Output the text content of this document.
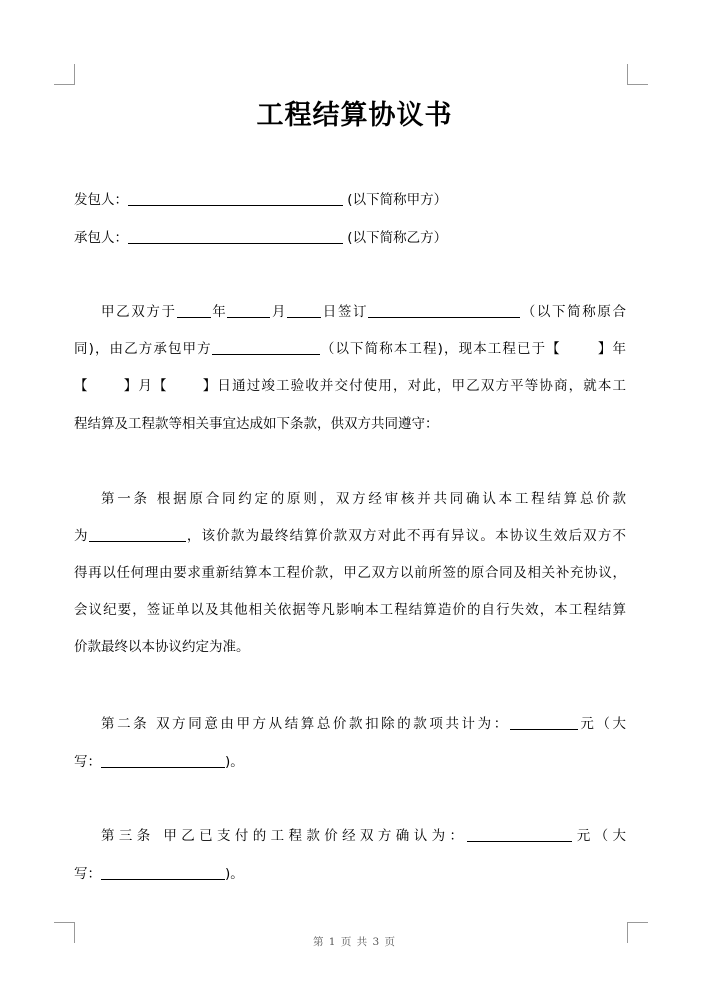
工程结算协议书
发包人：	(以下简称甲方）
承包人：	(以下简称乙方）
甲乙双方于	年	月	日签订	（以下简称原合
同)，由乙方承包甲方	（以下简称本工程)，现本工程已于【	】年
【	】月【	】日通过竣工验收并交付使用，对此，甲乙双方平等协商，就本工
程结算及工程款等相关事宜达成如下条款，供双方共同遵守：
第一条 根据原合同约定的原则，双方经审核并共同确认本工程结算总价款
为	，该价款为最终结算价款双方对此不再有异议。本协议生效后双方不
得再以任何理由要求重新结算本工程价款，甲乙双方以前所签的原合同及相关补充协议，
会议纪要，签证单以及其他相关依据等凡影响本工程结算造价的自行失效，本工程结算
价款最终以本协议约定为准。
第二条 双方同意由甲方从结算总价款扣除的款项共计为：	元（大
写：	)。
第三条 甲乙已支付的工程款价经双方确认为：	元（大
写：	)。
第 1 页 共 3 页
